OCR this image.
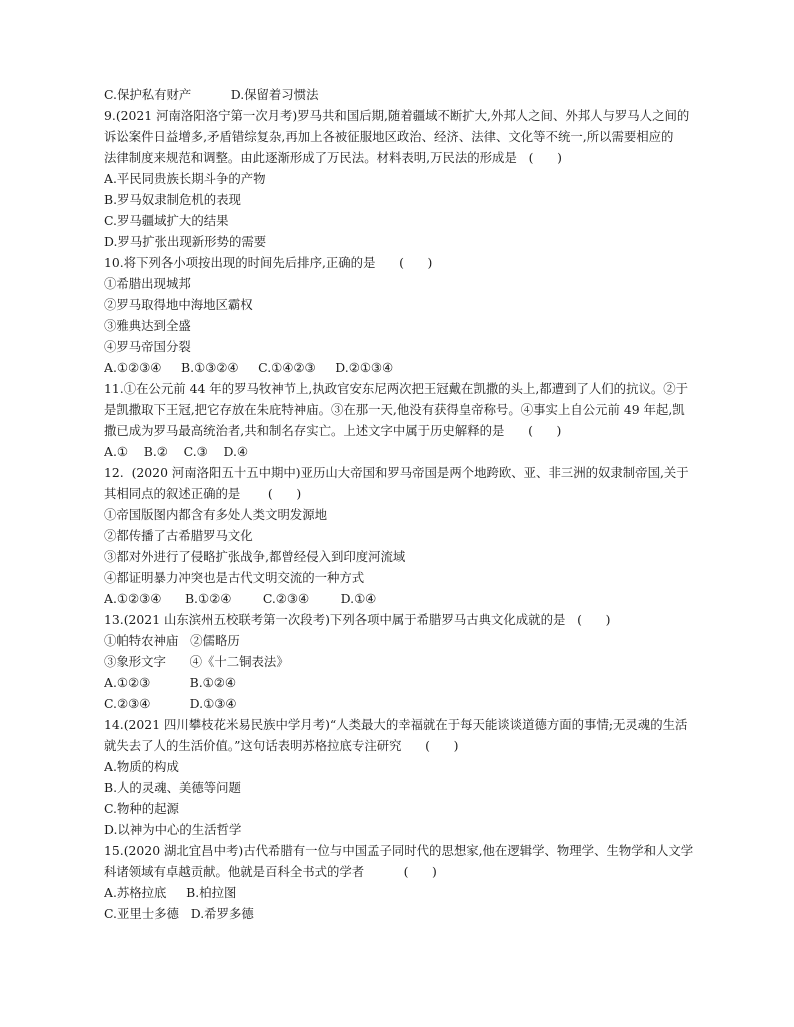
C.保护私有财产          D.保留着习惯法
9.(2021 河南洛阳洛宁第一次月考)罗马共和国后期,随着疆域不断扩大,外邦人之间、外邦人与罗马人之间的
诉讼案件日益增多,矛盾错综复杂,再加上各被征服地区政治、经济、法律、文化等不统一,所以需要相应的
法律制度来规范和调整。由此逐渐形成了万民法。材料表明,万民法的形成是   (      )
A.平民同贵族长期斗争的产物
B.罗马奴隶制危机的表现
C.罗马疆域扩大的结果
D.罗马扩张出现新形势的需要
10.将下列各小项按出现的时间先后排序,正确的是      (      )
①希腊出现城邦
②罗马取得地中海地区霸权
③雅典达到全盛
④罗马帝国分裂
A.①②③④     B.①③②④     C.①④②③     D.②①③④
11.①在公元前 44 年的罗马牧神节上,执政官安东尼两次把王冠戴在凯撒的头上,都遭到了人们的抗议。②于
是凯撒取下王冠,把它存放在朱庇特神庙。③在那一天,他没有获得皇帝称号。④事实上自公元前 49 年起,凯
撒已成为罗马最高统治者,共和制名存实亡。上述文字中属于历史解释的是      (      )
A.①    B.②    C.③    D.④
12.  (2020 河南洛阳五十五中期中)亚历山大帝国和罗马帝国是两个地跨欧、亚、非三洲的奴隶制帝国,关于
其相同点的叙述正确的是       (      )
①帝国版图内都含有多处人类文明发源地
②都传播了古希腊罗马文化
③都对外进行了侵略扩张战争,都曾经侵入到印度河流域
④都证明暴力冲突也是古代文明交流的一种方式
A.①②③④      B.①②④        C.②③④        D.①④
13.(2021 山东滨州五校联考第一次段考)下列各项中属于希腊罗马古典文化成就的是   (      )
①帕特农神庙   ②儒略历
③象形文字      ④《十二铜表法》
A.①②③          B.①②④
C.②③④          D.①③④
14.(2021 四川攀枝花米易民族中学月考)“人类最大的幸福就在于每天能谈谈道德方面的事情;无灵魂的生活
就失去了人的生活价值。”这句话表明苏格拉底专注研究      (      )
A.物质的构成
B.人的灵魂、美德等问题
C.物种的起源
D.以神为中心的生活哲学
15.(2020 湖北宜昌中考)古代希腊有一位与中国孟子同时代的思想家,他在逻辑学、物理学、生物学和人文学
科诸领域有卓越贡献。他就是百科全书式的学者          (      )
A.苏格拉底     B.柏拉图
C.亚里士多德   D.希罗多德
